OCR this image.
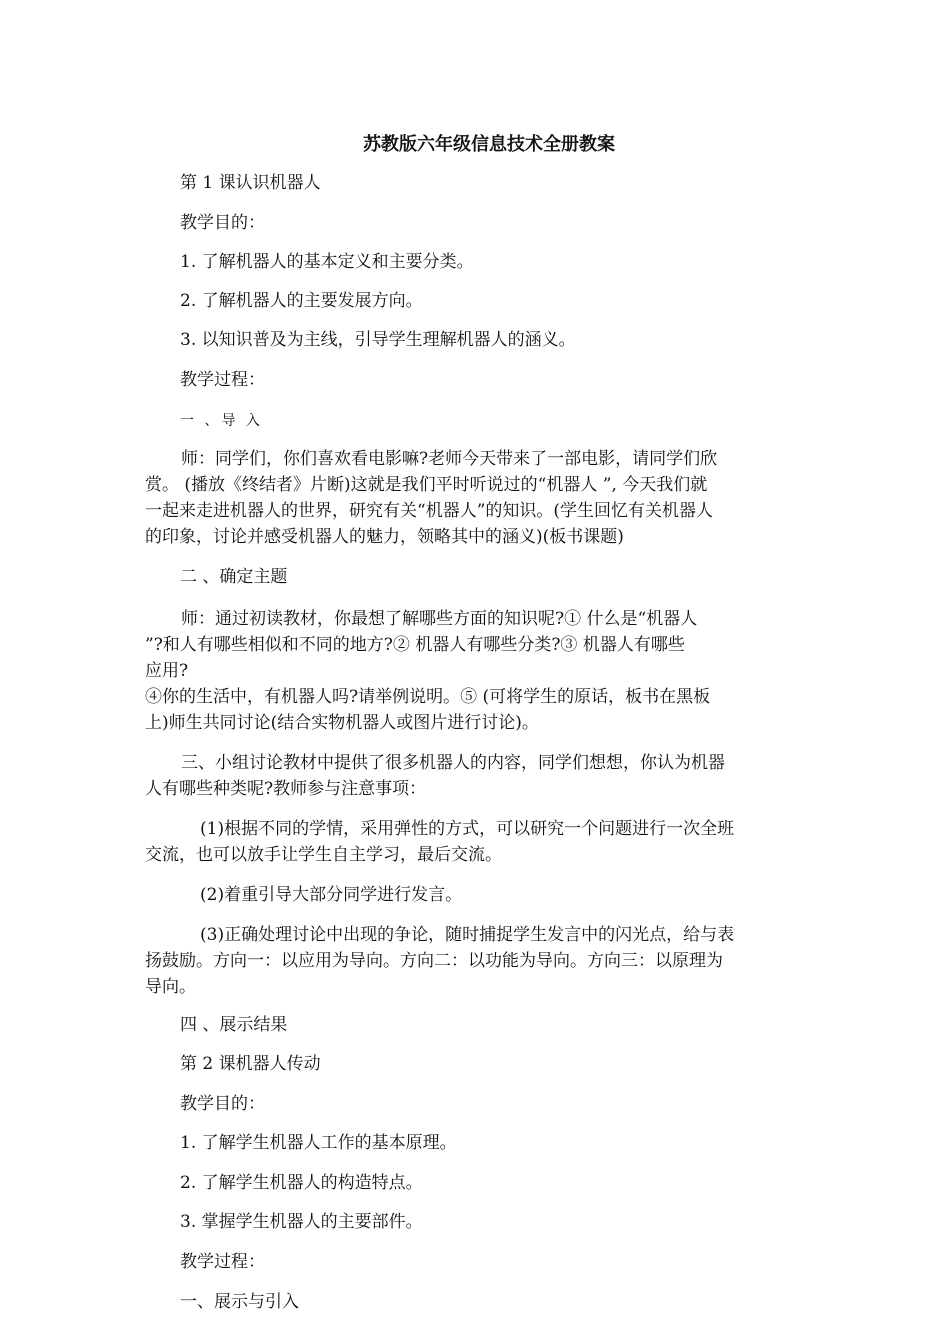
苏教版六年级信息技术全册教案
第 1 课认识机器人
教学目的：
1. 了解机器人的基本定义和主要分类。
2. 了解机器人的主要发展方向。
3. 以知识普及为主线，引导学生理解机器人的涵义。
教学过程：
一 、导 入
师：同学们，你们喜欢看电影嘛?老师今天带来了一部电影，请同学们欣
赏。 (播放《终结者》片断)这就是我们平时听说过的“机器人 ”, 今天我们就
一起来走进机器人的世界，研究有关“机器人”的知识。(学生回忆有关机器人
的印象，讨论并感受机器人的魅力，领略其中的涵义)(板书课题)
二 、确定主题
师：通过初读教材，你最想了解哪些方面的知识呢?① 什么是“机器人
”?和人有哪些相似和不同的地方?② 机器人有哪些分类?③ 机器人有哪些
应用?
④你的生活中，有机器人吗?请举例说明。⑤ (可将学生的原话，板书在黑板
上)师生共同讨论(结合实物机器人或图片进行讨论)。
三、小组讨论教材中提供了很多机器人的内容，同学们想想，你认为机器
人有哪些种类呢?教师参与注意事项：
(1)根据不同的学情，采用弹性的方式，可以研究一个问题进行一次全班
交流，也可以放手让学生自主学习，最后交流。
(2)着重引导大部分同学进行发言。
(3)正确处理讨论中出现的争论，随时捕捉学生发言中的闪光点，给与表
扬鼓励。方向一：以应用为导向。方向二：以功能为导向。方向三：以原理为
导向。
四 、展示结果
第 2 课机器人传动
教学目的：
1. 了解学生机器人工作的基本原理。
2. 了解学生机器人的构造特点。
3. 掌握学生机器人的主要部件。
教学过程：
一、展示与引入
